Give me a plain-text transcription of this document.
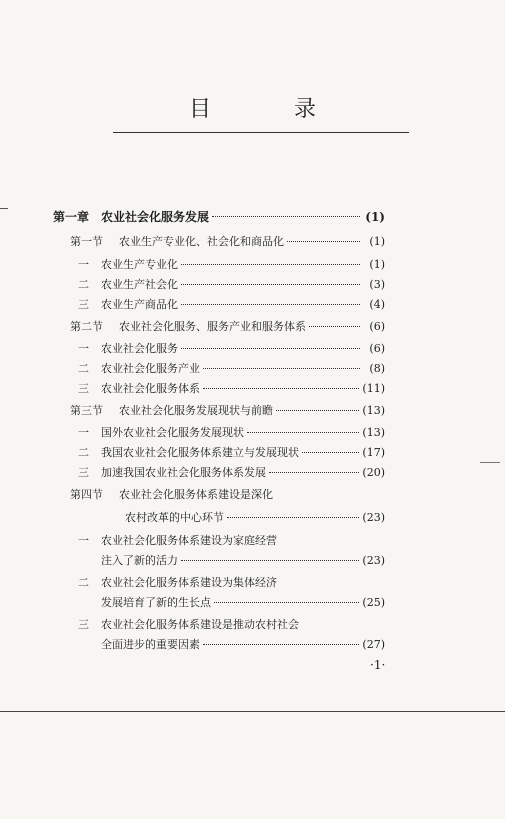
目 录
第一章 农业社会化服务发展	(1)
第一节 农业生产专业化、社会化和商品化	(1)
一 农业生产专业化	(1)
二 农业生产社会化	(3)
三 农业生产商品化	(4)
第二节 农业社会化服务、服务产业和服务体系	(6)
一 农业社会化服务	(6)
二 农业社会化服务产业	(8)
三 农业社会化服务体系	(11)
第三节 农业社会化服务发展现状与前瞻	(13)
一 国外农业社会化服务发展现状	(13)
二 我国农业社会化服务体系建立与发展现状	(17)
三 加速我国农业社会化服务体系发展	(20)
第四节 农业社会化服务体系建设是深化
农村改革的中心环节	(23)
一 农业社会化服务体系建设为家庭经营
注入了新的活力	(23)
二 农业社会化服务体系建设为集体经济
发展培育了新的生长点	(25)
三 农业社会化服务体系建设是推动农村社会
全面进步的重要因素	(27)
·1·
